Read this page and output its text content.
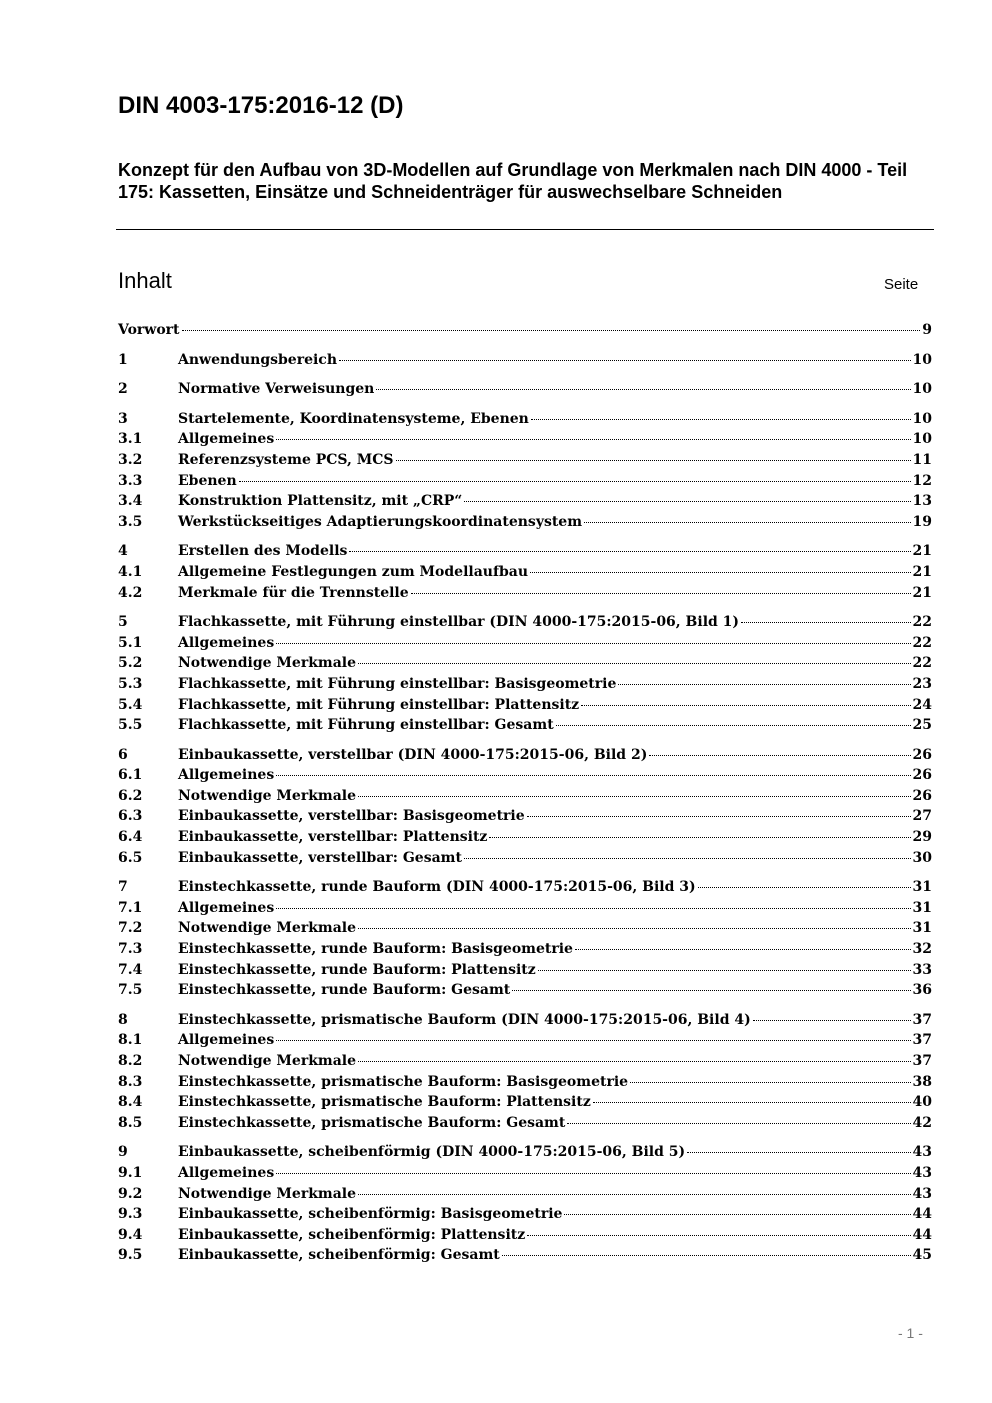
DIN 4003-175:2016-12 (D)
Konzept für den Aufbau von 3D-Modellen auf Grundlage von Merkmalen nach DIN 4000 - Teil 175: Kassetten, Einsätze und Schneidenträger für auswechselbare Schneiden
Inhalt	Seite
Vorwort	9
1	Anwendungsbereich	10
2	Normative Verweisungen	10
3	Startelemente, Koordinatensysteme, Ebenen	10
3.1	Allgemeines	10
3.2	Referenzsysteme PCS, MCS	11
3.3	Ebenen	12
3.4	Konstruktion Plattensitz, mit „CRP“	13
3.5	Werkstückseitiges Adaptierungskoordinatensystem	19
4	Erstellen des Modells	21
4.1	Allgemeine Festlegungen zum Modellaufbau	21
4.2	Merkmale für die Trennstelle	21
5	Flachkassette, mit Führung einstellbar (DIN 4000-175:2015-06, Bild 1)	22
5.1	Allgemeines	22
5.2	Notwendige Merkmale	22
5.3	Flachkassette, mit Führung einstellbar: Basisgeometrie	23
5.4	Flachkassette, mit Führung einstellbar: Plattensitz	24
5.5	Flachkassette, mit Führung einstellbar: Gesamt	25
6	Einbaukassette, verstellbar (DIN 4000-175:2015-06, Bild 2)	26
6.1	Allgemeines	26
6.2	Notwendige Merkmale	26
6.3	Einbaukassette, verstellbar: Basisgeometrie	27
6.4	Einbaukassette, verstellbar: Plattensitz	29
6.5	Einbaukassette, verstellbar: Gesamt	30
7	Einstechkassette, runde Bauform (DIN 4000-175:2015-06, Bild 3)	31
7.1	Allgemeines	31
7.2	Notwendige Merkmale	31
7.3	Einstechkassette, runde Bauform: Basisgeometrie	32
7.4	Einstechkassette, runde Bauform: Plattensitz	33
7.5	Einstechkassette, runde Bauform: Gesamt	36
8	Einstechkassette, prismatische Bauform (DIN 4000-175:2015-06, Bild 4)	37
8.1	Allgemeines	37
8.2	Notwendige Merkmale	37
8.3	Einstechkassette, prismatische Bauform: Basisgeometrie	38
8.4	Einstechkassette, prismatische Bauform: Plattensitz	40
8.5	Einstechkassette, prismatische Bauform: Gesamt	42
9	Einbaukassette, scheibenförmig (DIN 4000-175:2015-06, Bild 5)	43
9.1	Allgemeines	43
9.2	Notwendige Merkmale	43
9.3	Einbaukassette, scheibenförmig: Basisgeometrie	44
9.4	Einbaukassette, scheibenförmig: Plattensitz	44
9.5	Einbaukassette, scheibenförmig: Gesamt	45
- 1 -
